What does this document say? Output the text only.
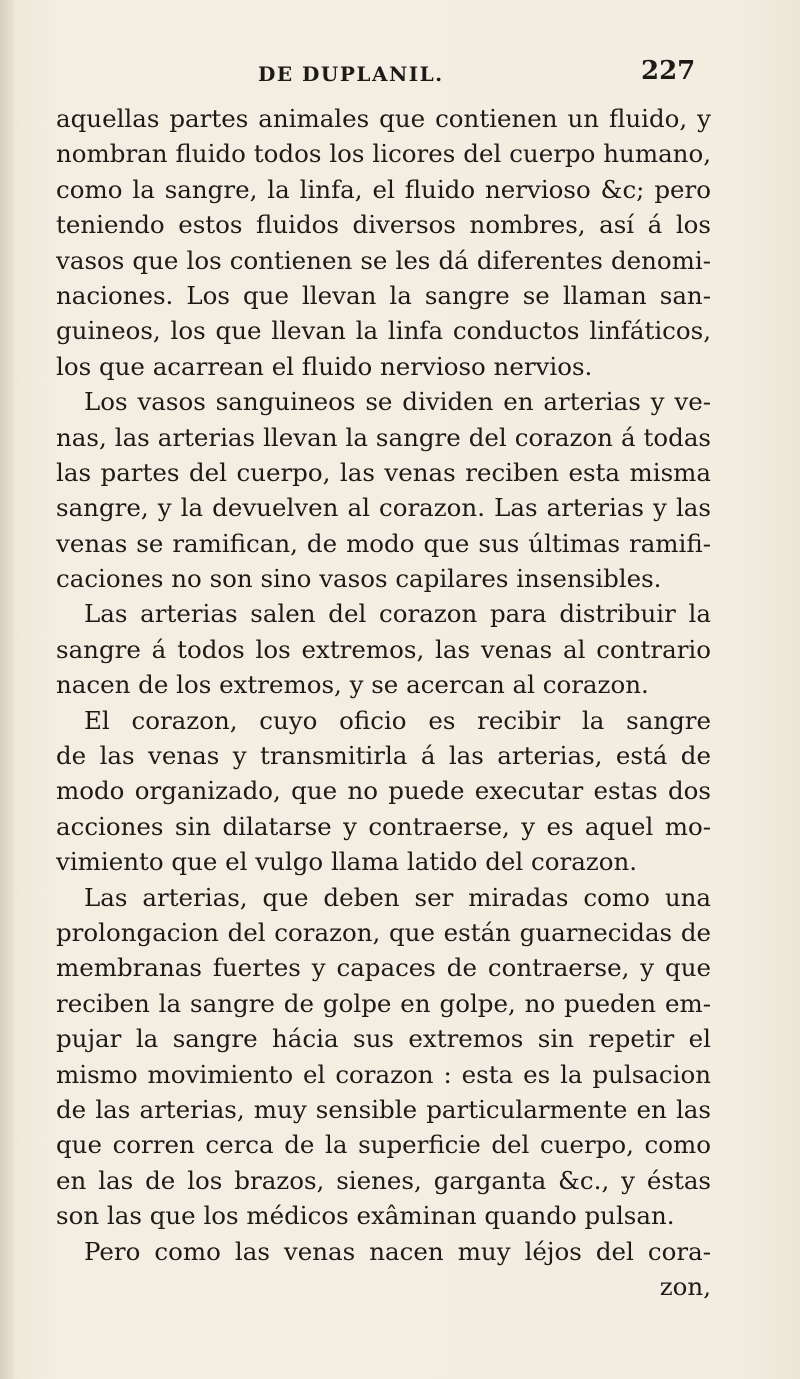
DE DUPLANIL.	227
aquellas partes animales que contienen un fluido, y
nombran fluido todos los licores del cuerpo humano,
como la sangre, la linfa, el fluido nervioso &c; pero
teniendo estos fluidos diversos nombres, así á los
vasos que los contienen se les dá diferentes denomi-
naciones. Los que llevan la sangre se llaman san-
guineos, los que llevan la linfa conductos linfáticos,
los que acarrean el fluido nervioso nervios.
Los vasos sanguineos se dividen en arterias y ve-
nas, las arterias llevan la sangre del corazon á todas
las partes del cuerpo, las venas reciben esta misma
sangre, y la devuelven al corazon. Las arterias y las
venas se ramifican, de modo que sus últimas ramifi-
caciones no son sino vasos capilares insensibles.
Las arterias salen del corazon para distribuir la
sangre á todos los extremos, las venas al contrario
nacen de los extremos, y se acercan al corazon.
El corazon, cuyo oficio es recibir la sangre
de las venas y transmitirla á las arterias, está de
modo organizado, que no puede executar estas dos
acciones sin dilatarse y contraerse, y es aquel mo-
vimiento que el vulgo llama latido del corazon.
Las arterias, que deben ser miradas como una
prolongacion del corazon, que están guarnecidas de
membranas fuertes y capaces de contraerse, y que
reciben la sangre de golpe en golpe, no pueden em-
pujar la sangre hácia sus extremos sin repetir el
mismo movimiento el corazon : esta es la pulsacion
de las arterias, muy sensible particularmente en las
que corren cerca de la superficie del cuerpo, como
en las de los brazos, sienes, garganta &c., y éstas
son las que los médicos exâminan quando pulsan.
Pero como las venas nacen muy léjos del cora-
zon,
